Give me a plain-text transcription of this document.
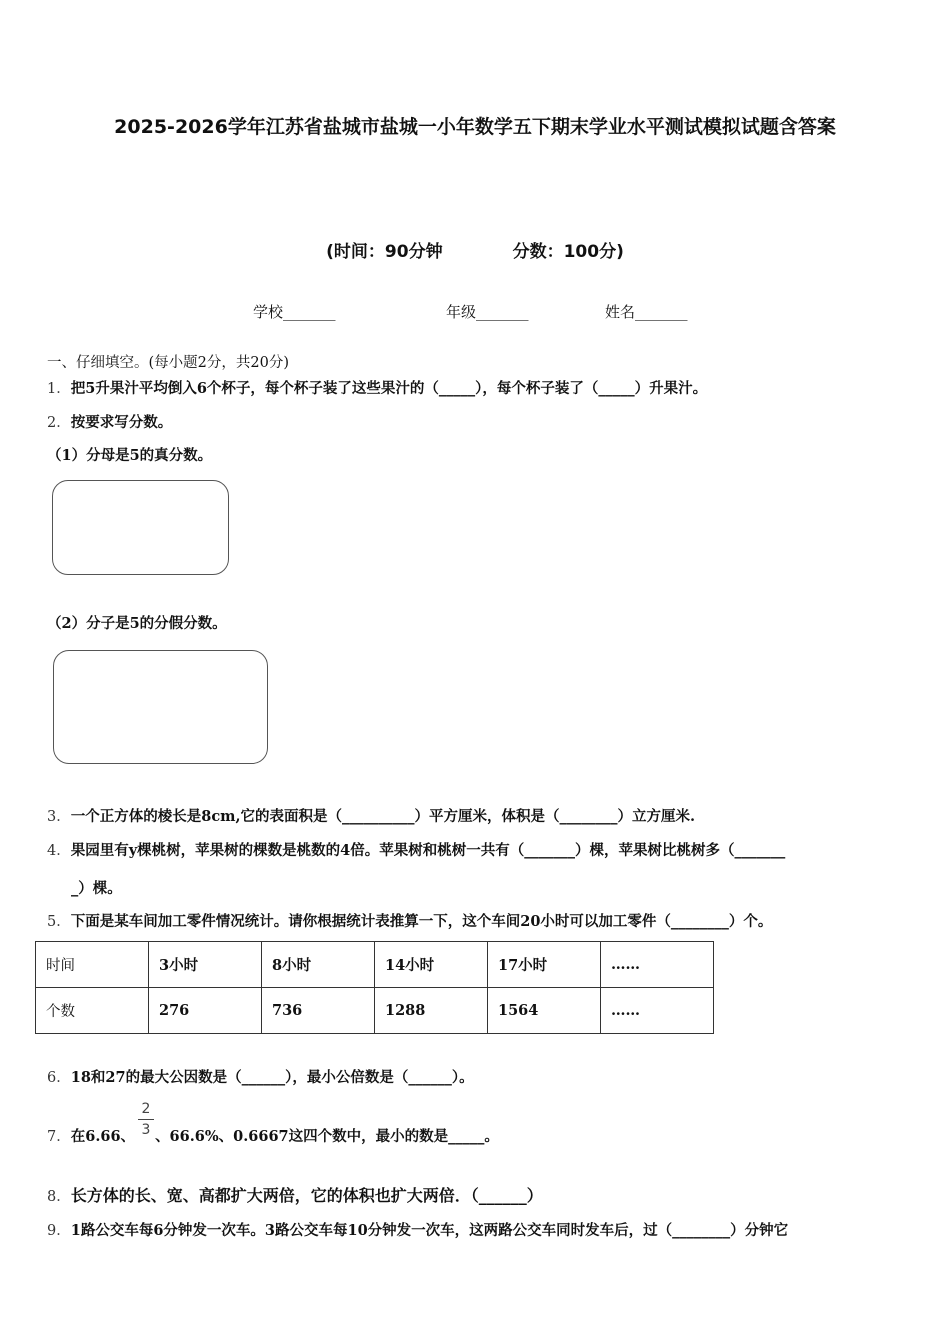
2025-2026学年江苏省盐城市盐城一小年数学五下期末学业水平测试模拟试题含答案
(时间：90分钟	分数：100分)
学校_______	年级_______	姓名_______
一、仔细填空。(每小题2分，共20分)
1．把5升果汁平均倒入6个杯子，每个杯子装了这些果汁的（_____），每个杯子装了（_____）升果汁。
2．按要求写分数。
（1）分母是5的真分数。
（2）分子是5的分假分数。
3．一个正方体的棱长是8cm,它的表面积是（__________）平方厘米，体积是（________）立方厘米.
4．果园里有y棵桃树，苹果树的棵数是桃数的4倍。苹果树和桃树一共有（_______）棵，苹果树比桃树多（_______
_）棵。
5．下面是某车间加工零件情况统计。请你根据统计表推算一下，这个车间20小时可以加工零件（________）个。
时间	3小时	8小时	14小时	17小时	……
个数	276	736	1288	1564	……
6．18和27的最大公因数是（______），最小公倍数是（______）。
2
3
7．在6.66、 、66.6%、0.6667这四个数中，最小的数是_____。
8．长方体的长、宽、高都扩大两倍，它的体积也扩大两倍．（______）
9．1路公交车每6分钟发一次车。3路公交车每10分钟发一次车，这两路公交车同时发车后，过（________）分钟它
